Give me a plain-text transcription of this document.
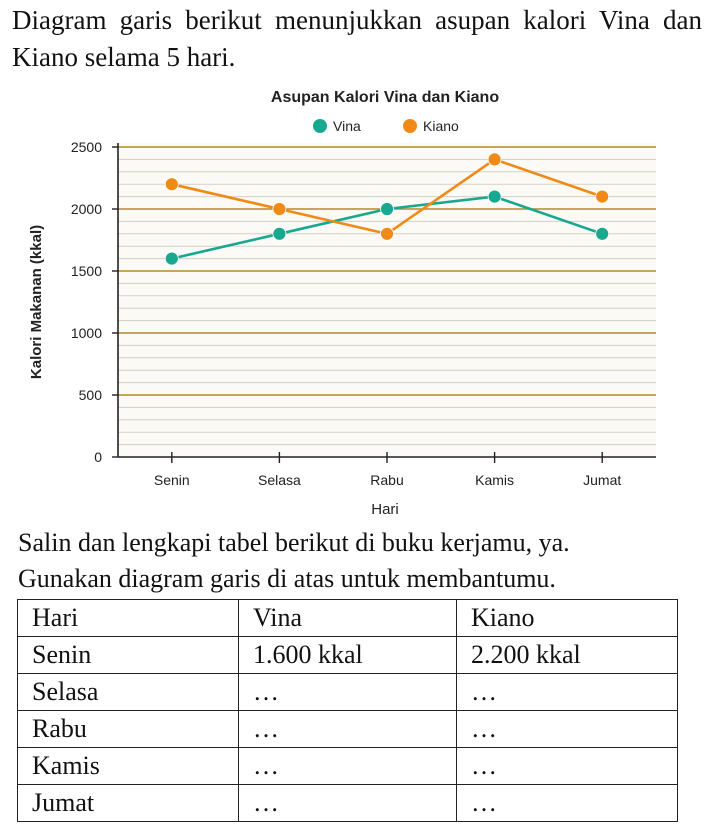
Diagram garis berikut menunjukkan asupan kalori Vina dan Kiano selama 5 hari.

0
500
1000
1500
2000
2500
Senin	Selasa	Rabu	Kamis	Jumat
Hari
Kalori Makanan (kkal)
Asupan Kalori Vina dan Kiano
Vina	Kiano
Salin dan lengkapi tabel berikut di buku kerjamu, ya.
Gunakan diagram garis di atas untuk membantumu.
Hari	Vina	Kiano
Senin	1.600 kkal	2.200 kkal
Selasa	…	…
Rabu	…	…
Kamis	…	…
Jumat	…	…
